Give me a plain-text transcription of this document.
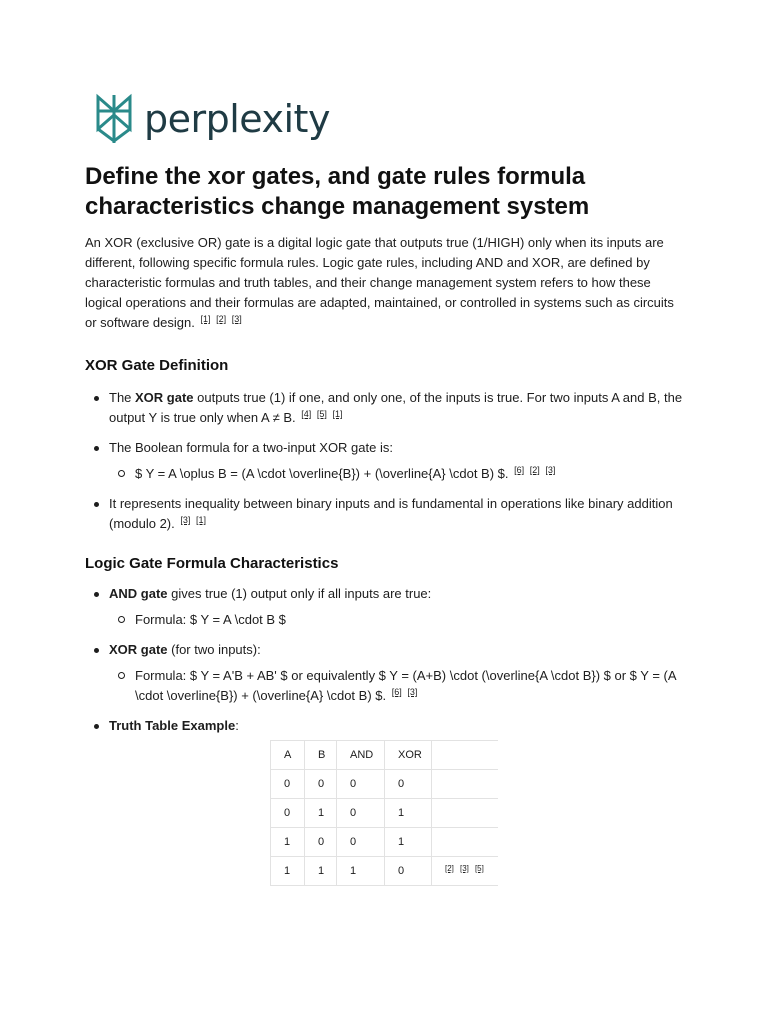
perplexity
Define the xor gates, and gate rules formula characteristics change management system

An XOR (exclusive OR) gate is a digital logic gate that outputs true (1/HIGH) only when its inputs are different, following specific formula rules. Logic gate rules, including AND and XOR, are defined by characteristic formulas and truth tables, and their change management system refers to how these logical operations and their formulas are adapted, maintained, or controlled in systems such as circuits or software design. [1] [2] [3]

XOR Gate Definition
The XOR gate outputs true (1) if one, and only one, of the inputs is true. For two inputs A and B, the output Y is true only when A ≠ B. [4] [5] [1]
The Boolean formula for a two-input XOR gate is:
$ Y = A \oplus B = (A \cdot \overline{B}) + (\overline{A} \cdot B) $. [6] [2] [3]
It represents inequality between binary inputs and is fundamental in operations like binary addition (modulo 2). [3] [1]
Logic Gate Formula Characteristics
AND gate gives true (1) output only if all inputs are true:
Formula: $ Y = A \cdot B $
XOR gate (for two inputs):
Formula: $ Y = A'B + AB' $ or equivalently $ Y = (A+B) \cdot (\overline{A \cdot B}) $ or $ Y = (A \cdot \overline{B}) + (\overline{A} \cdot B) $. [6] [3]
Truth Table Example:
A	B	AND	XOR	
0	0	0	0	
0	1	0	1	
1	0	0	1	
1	1	1	0	[2] [3] [5]
